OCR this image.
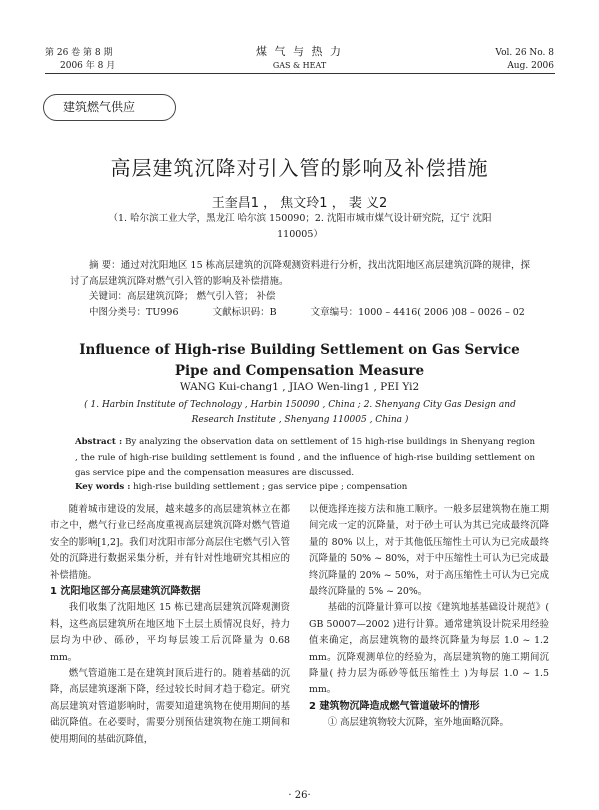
第 26 卷 第 8 期
2006 年 8 月
煤 气 与 热 力
GAS & HEAT
Vol. 26 No. 8
Aug. 2006
建筑燃气供应
高层建筑沉降对引入管的影响及补偿措施
王奎昌1 ， 焦文玲1 ， 裴 义2
（1. 哈尔滨工业大学，黑龙江 哈尔滨 150090；2. 沈阳市城市煤气设计研究院，辽宁 沈阳 110005）
摘 要：通过对沈阳地区 15 栋高层建筑的沉降观测资料进行分析，找出沈阳地区高层建筑沉降的规律，探讨了高层建筑沉降对燃气引入管的影响及补偿措施。
关键词：高层建筑沉降； 燃气引入管； 补偿
中图分类号：TU996	文献标识码：B	文章编号：1000 – 4416( 2006 )08 – 0026 – 02
Influence of High-rise Building Settlement on Gas Service
Pipe and Compensation Measure
WANG Kui-chang1 , JIAO Wen-ling1 , PEI Yi2
( 1. Harbin Institute of Technology , Harbin 150090 , China ; 2. Shenyang City Gas Design and
Research Institute , Shenyang 110005 , China )
Abstract : By analyzing the observation data on settlement of 15 high-rise buildings in Shenyang region , the rule of high-rise building settlement is found , and the influence of high-rise building settlement on gas service pipe and the compensation measures are discussed.
Key words : high-rise building settlement ; gas service pipe ; compensation

随着城市建设的发展，越来越多的高层建筑林立在都市之中，燃气行业已经高度重视高层建筑沉降对燃气管道安全的影响[1,2]。我们对沈阳市部分高层住宅燃气引入管处的沉降进行数据采集分析，并有针对性地研究其相应的补偿措施。

1 沈阳地区部分高层建筑沉降数据

我们收集了沈阳地区 15 栋已建高层建筑沉降观测资料，这些高层建筑所在地区地下土层土质情况良好，持力层均为中砂、砾砂，平均每层竣工后沉降量为 0.68 mm。

燃气管道施工是在建筑封顶后进行的。随着基础的沉降，高层建筑逐渐下降，经过较长时间才趋于稳定。研究高层建筑对管道影响时，需要知道建筑物在使用期间的基础沉降值。在必要时，需要分别预估建筑物在施工期间和使用期间的基础沉降值，

以便选择连接方法和施工顺序。一般多层建筑物在施工期间完成一定的沉降量，对于砂土可认为其已完成最终沉降量的 80% 以上，对于其他低压缩性土可认为已完成最终沉降量的 50% ~ 80%，对于中压缩性土可认为已完成最终沉降量的 20% ~ 50%，对于高压缩性土可认为已完成最终沉降量的 5% ~ 20%。

基础的沉降量计算可以按《建筑地基基础设计规范》( GB 50007—2002 )进行计算。通常建筑设计院采用经验值来确定，高层建筑物的最终沉降量为每层 1.0 ~ 1.2 mm。沉降观测单位的经验为，高层建筑物的施工期间沉降量( 持力层为砾砂等低压缩性土 )为每层 1.0 ~ 1.5 mm。

2 建筑物沉降造成燃气管道破坏的情形

① 高层建筑物较大沉降，室外地面略沉降。

· 26·
